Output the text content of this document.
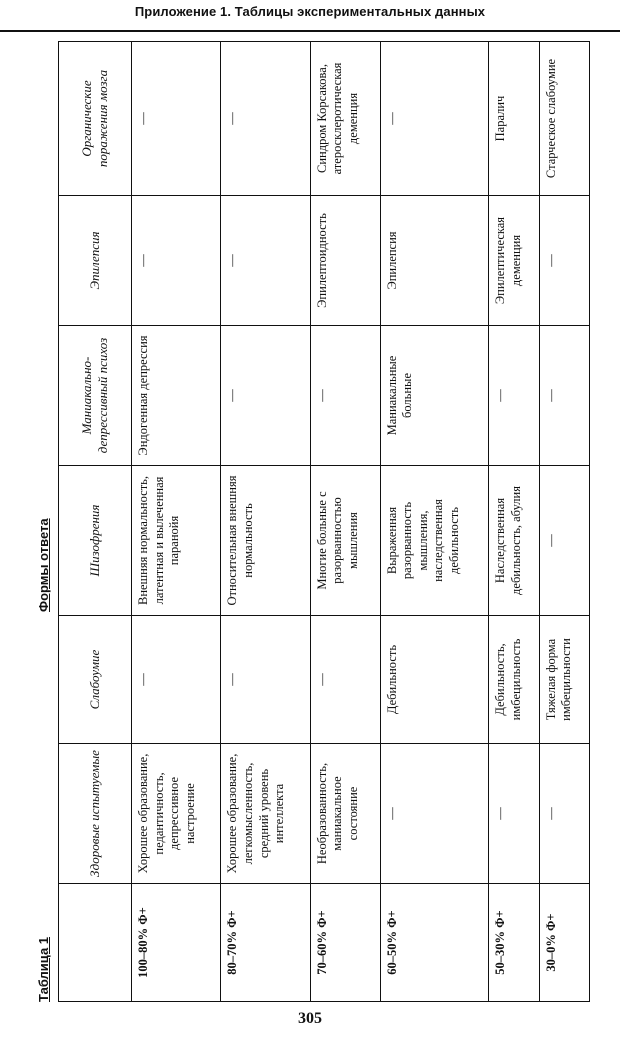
Приложение 1. Таблицы экспериментальных данных
Таблица 1
Формы ответа
	Здоровые испытуемые	Слабоумие	Шизофрения	Маниакально-депрессивный психоз	Эпилепсия	Органические поражения мозга
100–80% Φ+	Хорошее образование, педантичность, депрессивное настроение	—	Внешняя нормальность, латентная и вылеченная паранойя	Эндогенная депрессия	—	—
80–70% Φ+	Хорошее образование, легкомысленность, средний уровень интеллекта	—	Относительная внешняя нормальность	—	—	—
70–60% Φ+	Необразованность, маниакальное состояние	—	Многие больные с разорванностью мышления	—	Эпилептоидность	Синдром Корсакова, атеросклеротическая деменция
60–50% Φ+	—	Дебильность	Выраженная разорванность мышления, наследственная дебильность	Маниакальные больные	Эпилепсия	—
50–30% Φ+	—	Дебильность, имбецильность	Наследственная дебильность, абулия	—	Эпилептическая деменция	Паралич
30–0% Φ+	—	Тяжелая форма имбецильности	—	—	—	Старческое слабоумие
305
